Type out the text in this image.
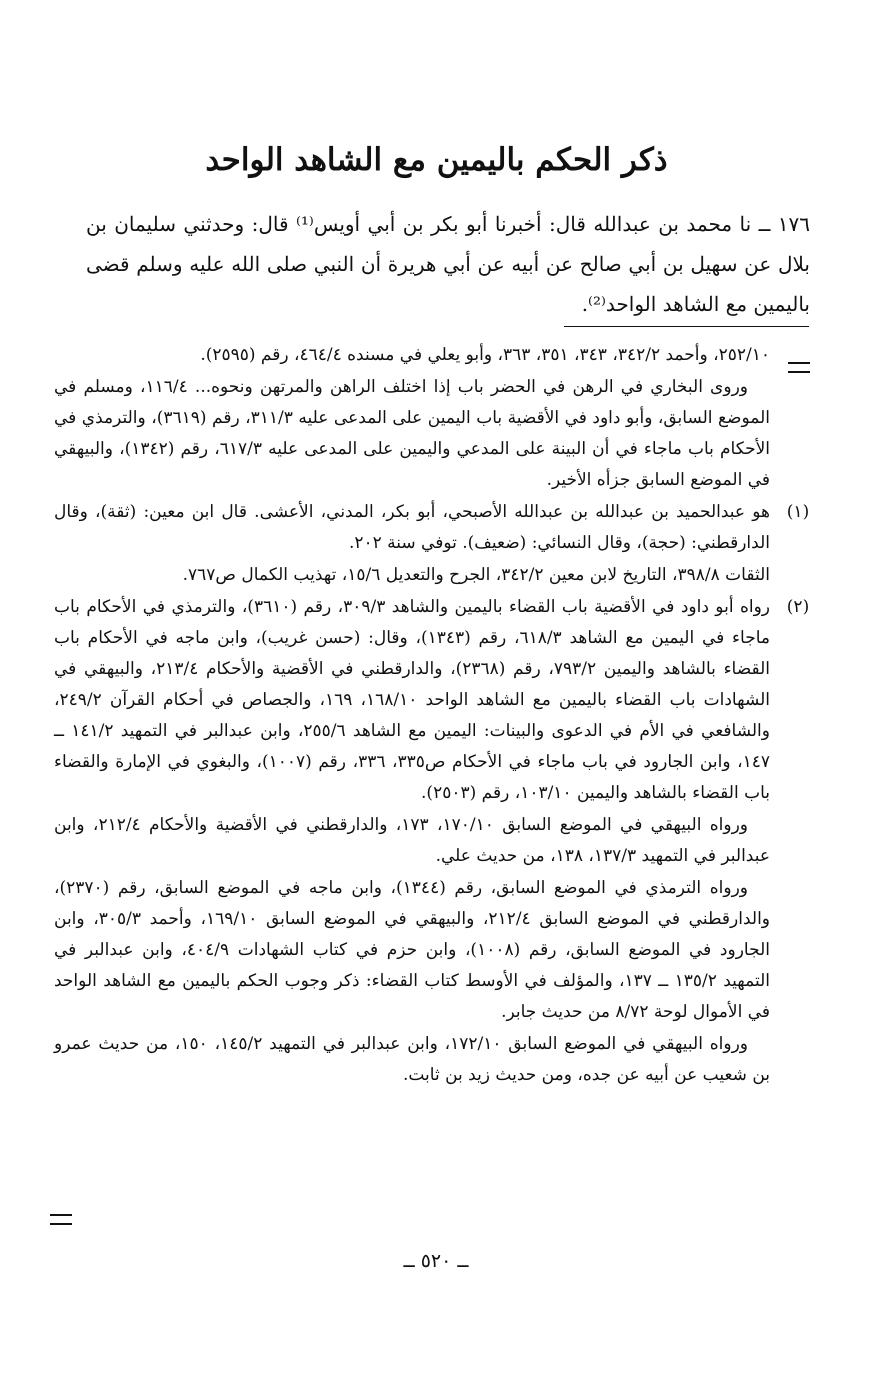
ذكر الحكم باليمين مع الشاهد الواحد
١٧٦ ــ نا محمد بن عبدالله قال: أخبرنا أبو بكر بن أبي أويس⁽¹⁾ قال: وحدثني سليمان بن بلال عن سهيل بن أبي صالح عن أبيه عن أبي هريرة أن النبي صلى الله عليه وسلم قضى باليمين مع الشاهد الواحد⁽²⁾.

٢٥٢/١٠، وأحمد ٣٤٢/٢، ٣٤٣، ٣٥١، ٣٦٣، وأبو يعلي في مسنده ٤٦٤/٤، رقم (٢٥٩٥).

وروى البخاري في الرهن في الحضر باب إذا اختلف الراهن والمرتهن ونحوه... ١١٦/٤، ومسلم في الموضع السابق، وأبو داود في الأقضية باب اليمين على المدعى عليه ٣١١/٣، رقم (٣٦١٩)، والترمذي في الأحكام باب ماجاء في أن البينة على المدعي واليمين على المدعى عليه ٦١٧/٣، رقم (١٣٤٢)، والبيهقي في الموضع السابق جزأه الأخير.

(١)

هو عبدالحميد بن عبدالله بن عبدالله الأصبحي، أبو بكر، المدني، الأعشى. قال ابن معين: (ثقة)، وقال الدارقطني: (حجة)، وقال النسائي: (ضعيف). توفي سنة ٢٠٢.

الثقات ٣٩٨/٨، التاريخ لابن معين ٣٤٢/٢، الجرح والتعديل ١٥/٦، تهذيب الكمال ص٧٦٧.

(٢)

رواه أبو داود في الأقضية باب القضاء باليمين والشاهد ٣٠٩/٣، رقم (٣٦١٠)، والترمذي في الأحكام باب ماجاء في اليمين مع الشاهد ٦١٨/٣، رقم (١٣٤٣)، وقال: (حسن غريب)، وابن ماجه في الأحكام باب القضاء بالشاهد واليمين ٧٩٣/٢، رقم (٢٣٦٨)، والدارقطني في الأقضية والأحكام ٢١٣/٤، والبيهقي في الشهادات باب القضاء باليمين مع الشاهد الواحد ١٦٨/١٠، ١٦٩، والجصاص في أحكام القرآن ٢٤٩/٢، والشافعي في الأم في الدعوى والبينات: اليمين مع الشاهد ٢٥٥/٦، وابن عبدالبر في التمهيد ١٤١/٢ ــ ١٤٧، وابن الجارود في باب ماجاء في الأحكام ص٣٣٥، ٣٣٦، رقم (١٠٠٧)، والبغوي في الإمارة والقضاء باب القضاء بالشاهد واليمين ١٠٣/١٠، رقم (٢٥٠٣).

ورواه البيهقي في الموضع السابق ١٧٠/١٠، ١٧٣، والدارقطني في الأقضية والأحكام ٢١٢/٤، وابن عبدالبر في التمهيد ١٣٧/٣، ١٣٨، من حديث علي.

ورواه الترمذي في الموضع السابق، رقم (١٣٤٤)، وابن ماجه في الموضع السابق، رقم (٢٣٧٠)، والدارقطني في الموضع السابق ٢١٢/٤، والبيهقي في الموضع السابق ١٦٩/١٠، وأحمد ٣٠٥/٣، وابن الجارود في الموضع السابق، رقم (١٠٠٨)، وابن حزم في كتاب الشهادات ٤٠٤/٩، وابن عبدالبر في التمهيد ١٣٥/٢ ــ ١٣٧، والمؤلف في الأوسط كتاب القضاء: ذكر وجوب الحكم باليمين مع الشاهد الواحد في الأموال لوحة ٨/٧٢ من حديث جابر.

ورواه البيهقي في الموضع السابق ١٧٢/١٠، وابن عبدالبر في التمهيد ١٤٥/٢، ١٥٠، من حديث عمرو بن شعيب عن أبيه عن جده، ومن حديث زيد بن ثابت.

ــ ٥٢٠ ــ
